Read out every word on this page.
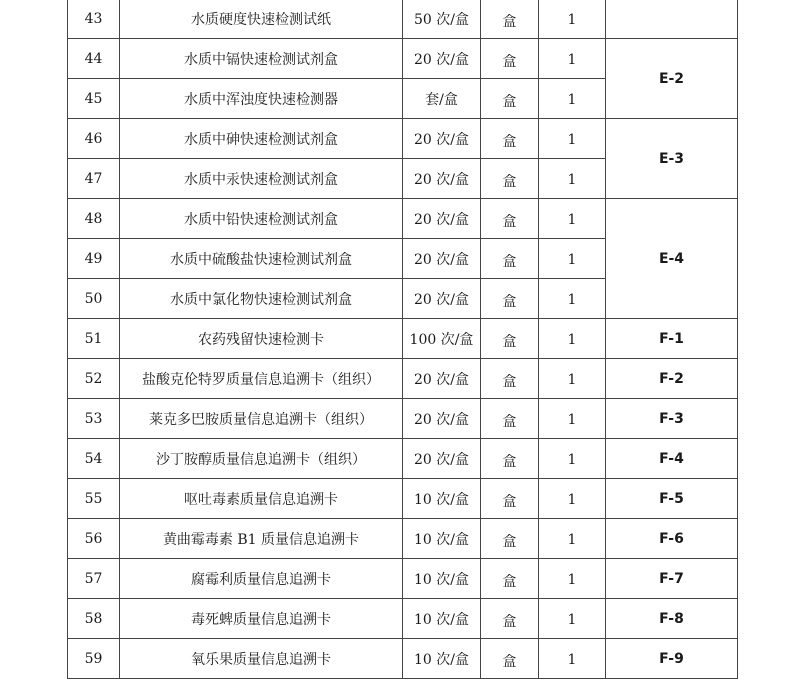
43	水质硬度快速检测试纸	50 次/盒	盒	1	
44	水质中镉快速检测试剂盒	20 次/盒	盒	1	E-2
45	水质中浑浊度快速检测器	套/盒	盒	1	
46	水质中砷快速检测试剂盒	20 次/盒	盒	1	E-3
47	水质中汞快速检测试剂盒	20 次/盒	盒	1	
48	水质中铅快速检测试剂盒	20 次/盒	盒	1	E-4
49	水质中硫酸盐快速检测试剂盒	20 次/盒	盒	1	
50	水质中氯化物快速检测试剂盒	20 次/盒	盒	1	
51	农药残留快速检测卡	100 次/盒	盒	1	F-1
52	盐酸克伦特罗质量信息追溯卡（组织）	20 次/盒	盒	1	F-2
53	莱克多巴胺质量信息追溯卡（组织）	20 次/盒	盒	1	F-3
54	沙丁胺醇质量信息追溯卡（组织）	20 次/盒	盒	1	F-4
55	呕吐毒素质量信息追溯卡	10 次/盒	盒	1	F-5
56	黄曲霉毒素 B1 质量信息追溯卡	10 次/盒	盒	1	F-6
57	腐霉利质量信息追溯卡	10 次/盒	盒	1	F-7
58	毒死蜱质量信息追溯卡	10 次/盒	盒	1	F-8
59	氧乐果质量信息追溯卡	10 次/盒	盒	1	F-9
